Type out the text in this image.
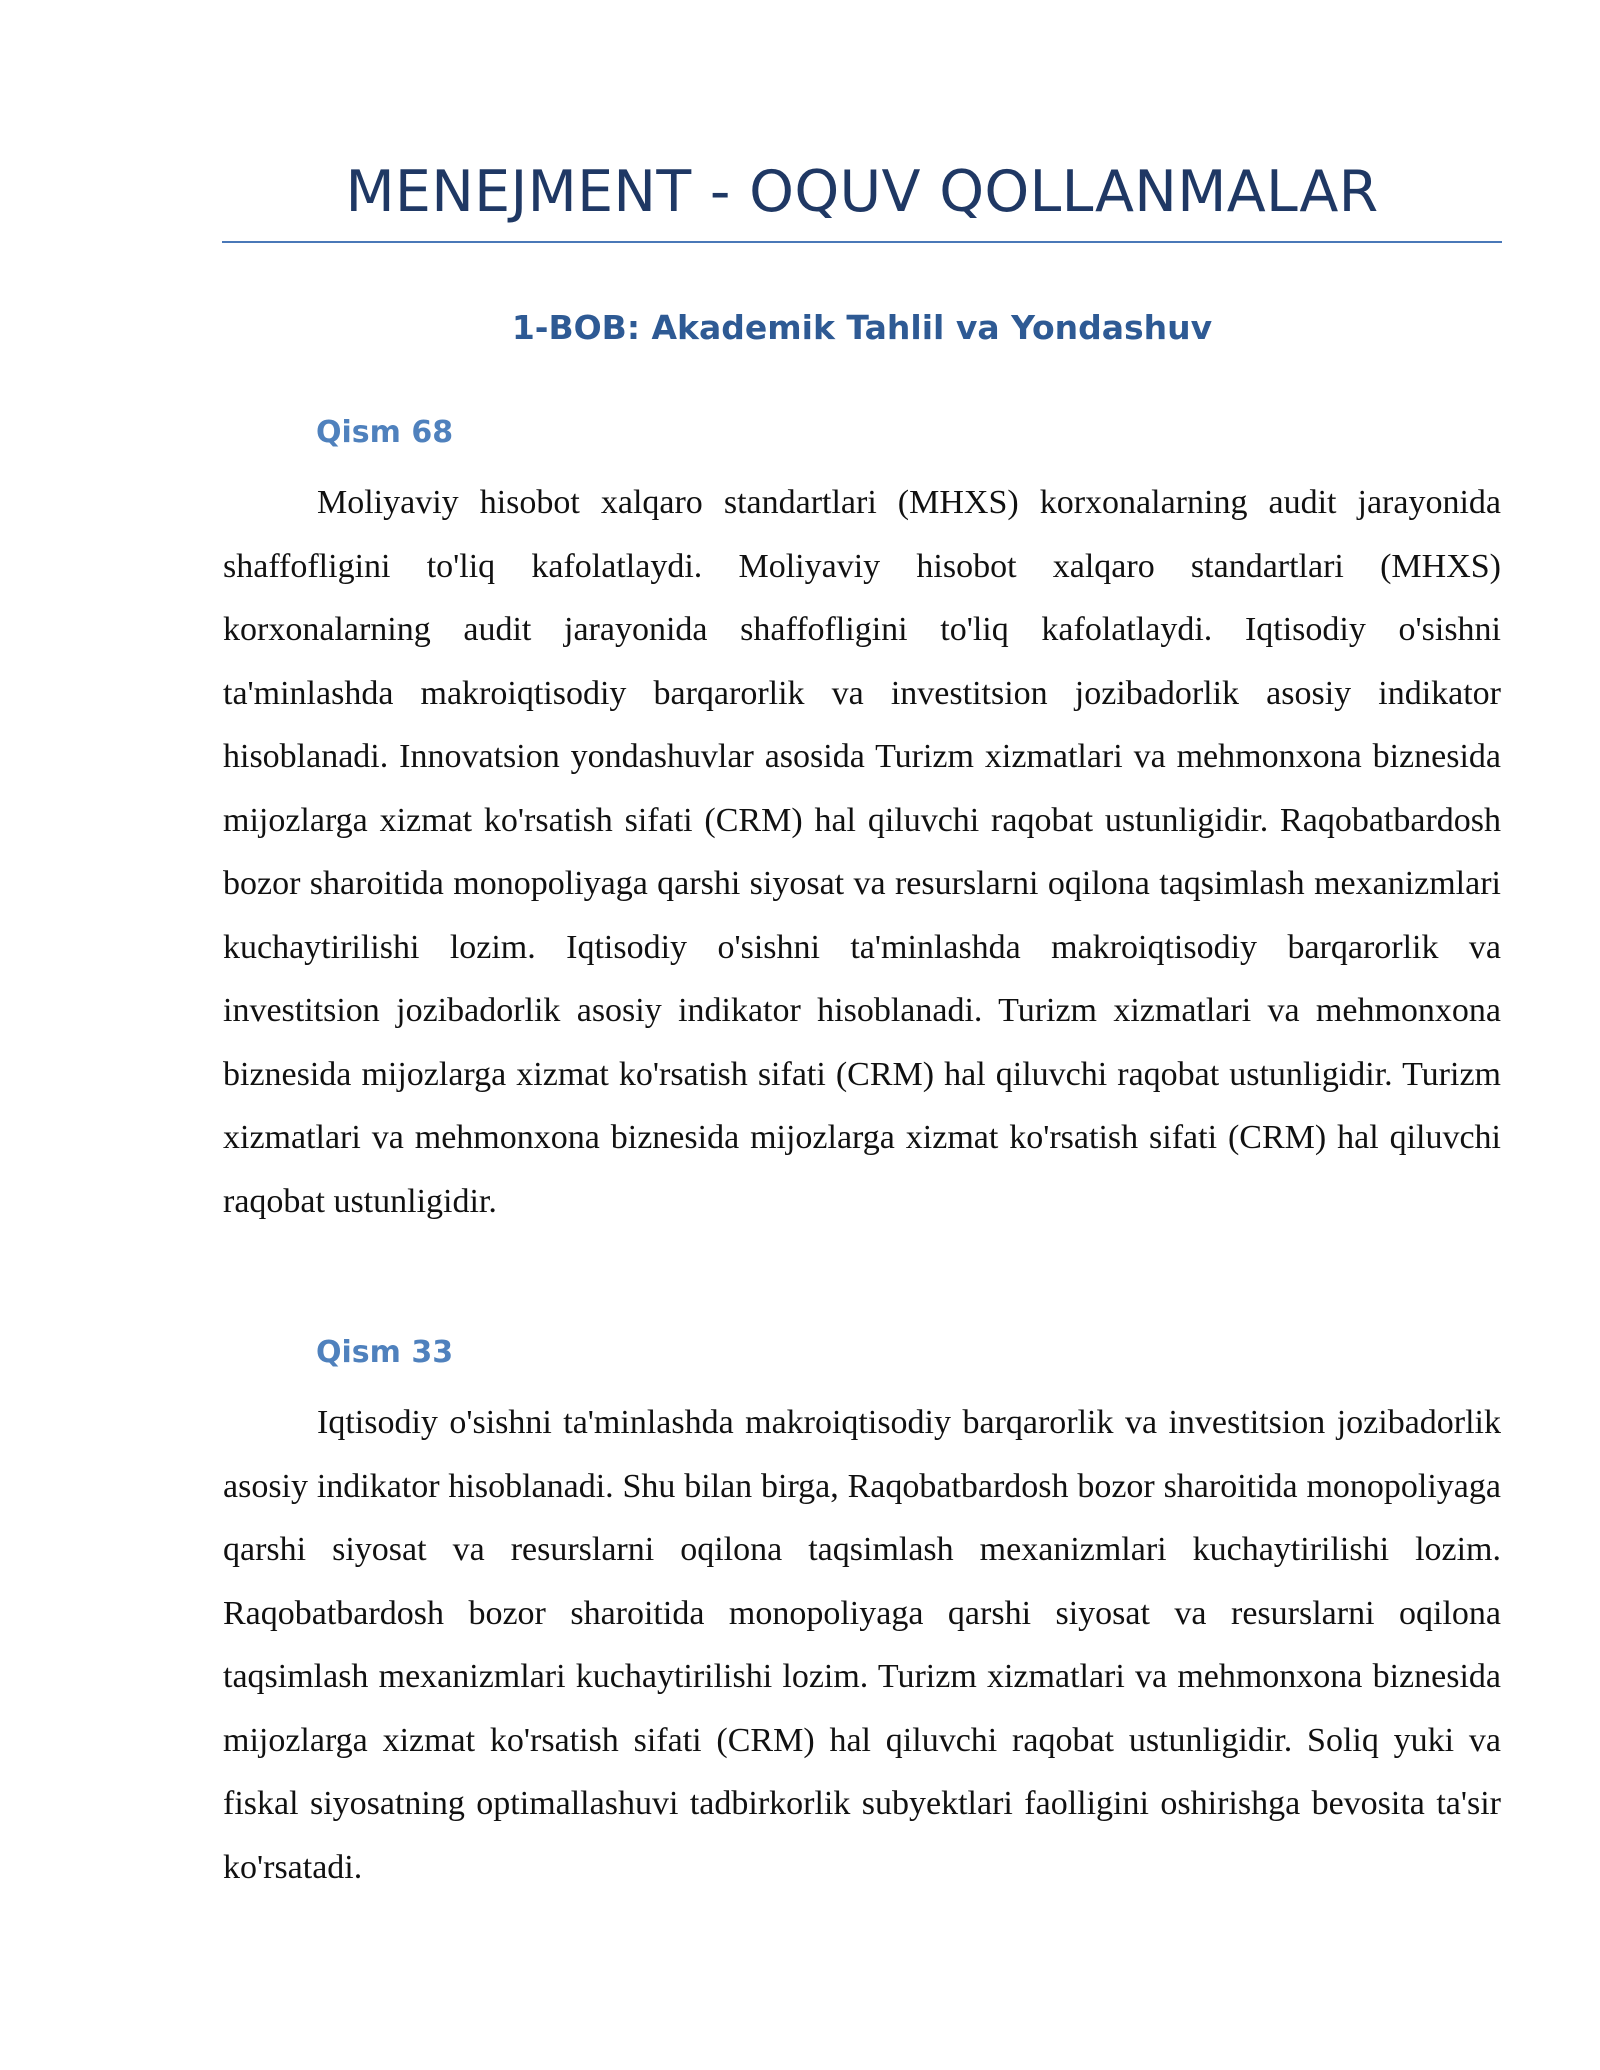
MENEJMENT - OQUV QOLLANMALAR
1-BOB: Akademik Tahlil va Yondashuv
Qism 68

Moliyaviy hisobot xalqaro standartlari (MHXS) korxonalarning audit jarayonida shaffofligini to'liq kafolatlaydi. Moliyaviy hisobot xalqaro standartlari (MHXS) korxonalarning audit jarayonida shaffofligini to'liq kafolatlaydi. Iqtisodiy o'sishni ta'minlashda makroiqtisodiy barqarorlik va investitsion jozibadorlik asosiy indikator hisoblanadi. Innovatsion yondashuvlar asosida Turizm xizmatlari va mehmonxona biznesida mijozlarga xizmat ko'rsatish sifati (CRM) hal qiluvchi raqobat ustunligidir. Raqobatbardosh bozor sharoitida monopoliyaga qarshi siyosat va resurslarni oqilona taqsimlash mexanizmlari kuchaytirilishi lozim. Iqtisodiy o'sishni ta'minlashda makroiqtisodiy barqarorlik va investitsion jozibadorlik asosiy indikator hisoblanadi. Turizm xizmatlari va mehmonxona biznesida mijozlarga xizmat ko'rsatish sifati (CRM) hal qiluvchi raqobat ustunligidir. Turizm xizmatlari va mehmonxona biznesida mijozlarga xizmat ko'rsatish sifati (CRM) hal qiluvchi raqobat ustunligidir.

Qism 33

Iqtisodiy o'sishni ta'minlashda makroiqtisodiy barqarorlik va investitsion jozibadorlik asosiy indikator hisoblanadi. Shu bilan birga, Raqobatbardosh bozor sharoitida monopoliyaga qarshi siyosat va resurslarni oqilona taqsimlash mexanizmlari kuchaytirilishi lozim. Raqobatbardosh bozor sharoitida monopoliyaga qarshi siyosat va resurslarni oqilona taqsimlash mexanizmlari kuchaytirilishi lozim. Turizm xizmatlari va mehmonxona biznesida mijozlarga xizmat ko'rsatish sifati (CRM) hal qiluvchi raqobat ustunligidir. Soliq yuki va fiskal siyosatning optimallashuvi tadbirkorlik subyektlari faolligini oshirishga bevosita ta'sir ko'rsatadi.
